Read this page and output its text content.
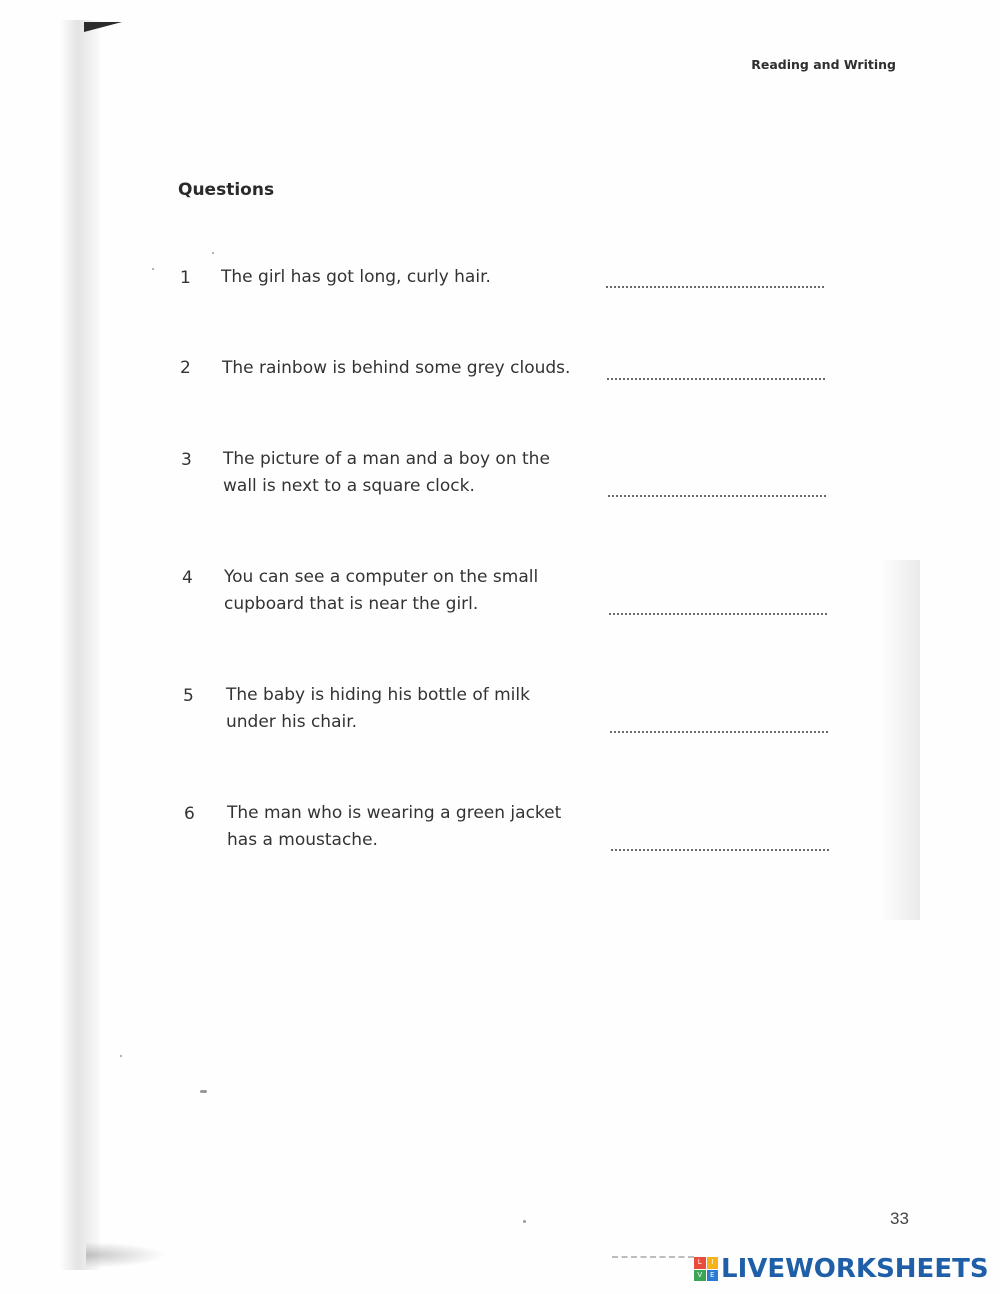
Reading and Writing
Questions
1 The girl has got long, curly hair.
2 The rainbow is behind some grey clouds.
3 The picture of a man and a boy on the
wall is next to a square clock.
4 You can see a computer on the small
cupboard that is near the girl.
5 The baby is hiding his bottle of milk
under his chair.
6 The man who is wearing a green jacket
has a moustache.
33
L	I
V	E LIVEWORKSHEETS
